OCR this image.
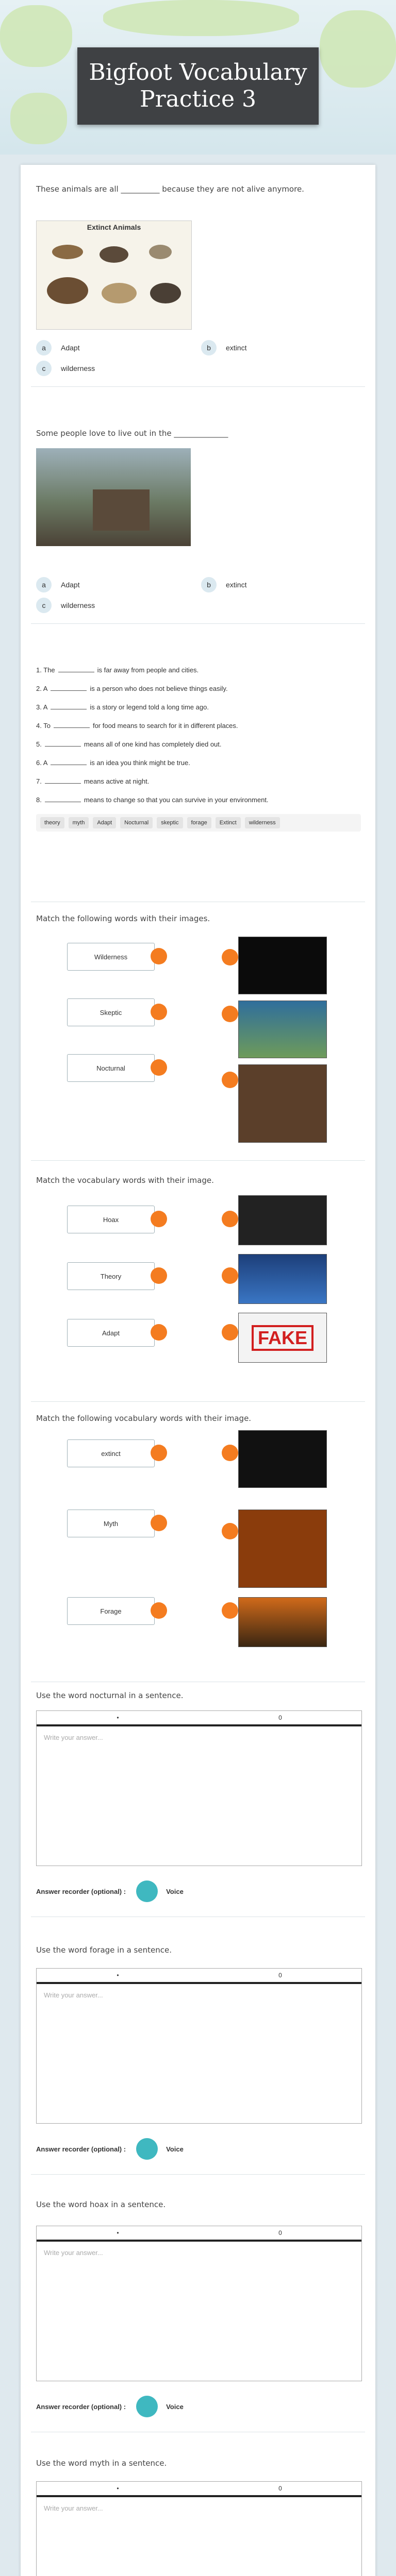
Bigfoot Vocabulary
Practice 3
These animals are all __________ because they are not alive anymore.
Extinct Animals
a	Adapt	b	extinct
c	wilderness
Some people love to live out in the ______________
a	Adapt	b	extinct
c	wilderness
1. The	is far away from people and cities.
2. A	is a person who does not believe things easily.
3. A	is a story or legend told a long time ago.
4. To	for food means to search for it in different places.
5.	means all of one kind has completely died out.
6. A	is an idea you think might be true.
7.	means active at night.
8.	means to change so that you can survive in your environment.
theory	myth	Adapt	Nocturnal	skeptic	forage	Extinct	wilderness
Match the following words with their images.
Wilderness
Skeptic
Nocturnal
Match the vocabulary words with their image.
Hoax
Theory
Adapt	FAKE
Match the following vocabulary words with their image.
extinct
Myth
Forage
Use the word nocturnal in a sentence.
•	0
Write your answer...
Answer recorder (optional) :	Voice
Use the word forage in a sentence.
•	0
Write your answer...
Answer recorder (optional) :	Voice
Use the word hoax in a sentence.
•	0
Write your answer...
Answer recorder (optional) :	Voice
Use the word myth in a sentence.
•	0
Write your answer...
